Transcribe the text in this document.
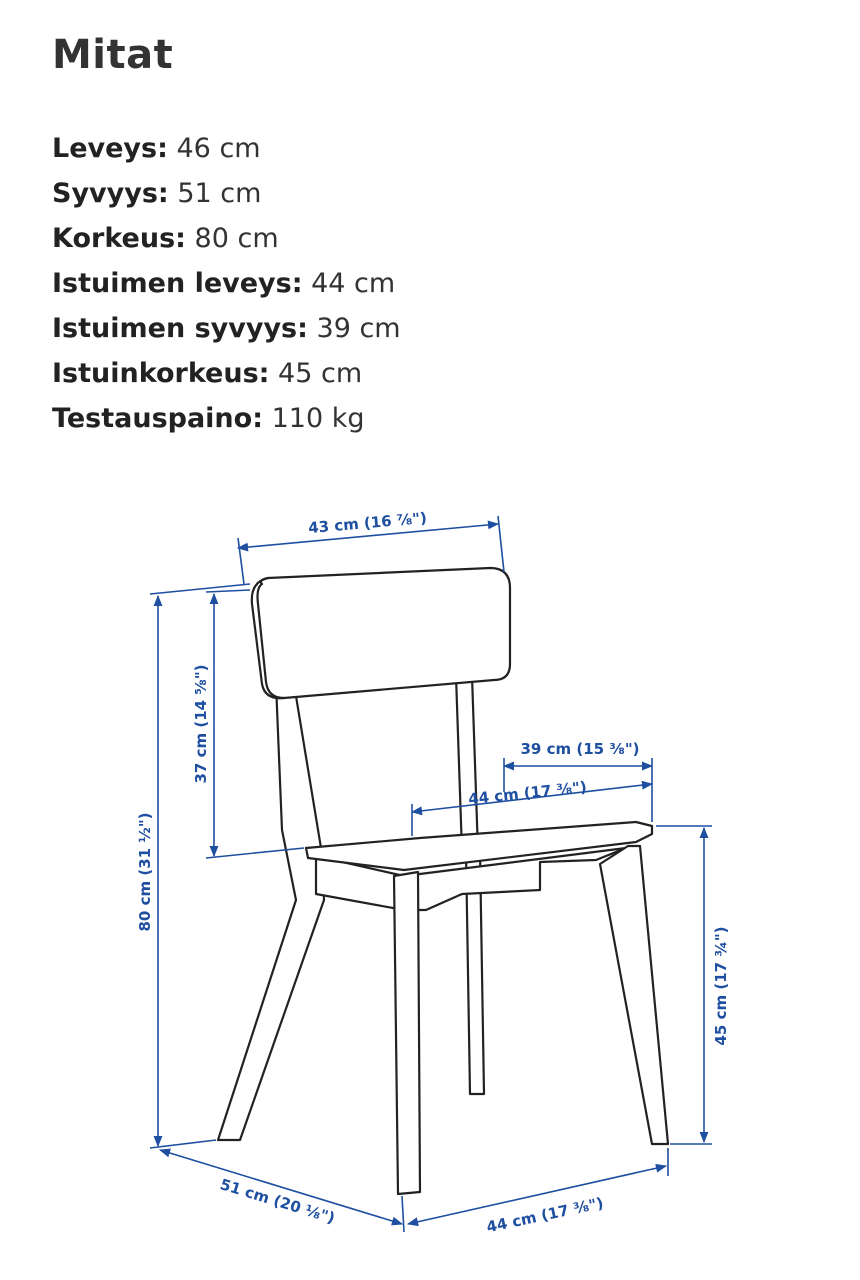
Mitat
Leveys: 46 cm
Syvyys: 51 cm
Korkeus: 80 cm
Istuimen leveys: 44 cm
Istuimen syvyys: 39 cm
Istuinkorkeus: 45 cm
Testauspaino: 110 kg
43 cm (16 ⅞")
37 cm (14 ⅝")
80 cm (31 ½")
39 cm (15 ⅜")
44 cm (17 ⅜")
45 cm (17 ¾")
51 cm (20 ⅛")	44 cm (17 ⅜")
